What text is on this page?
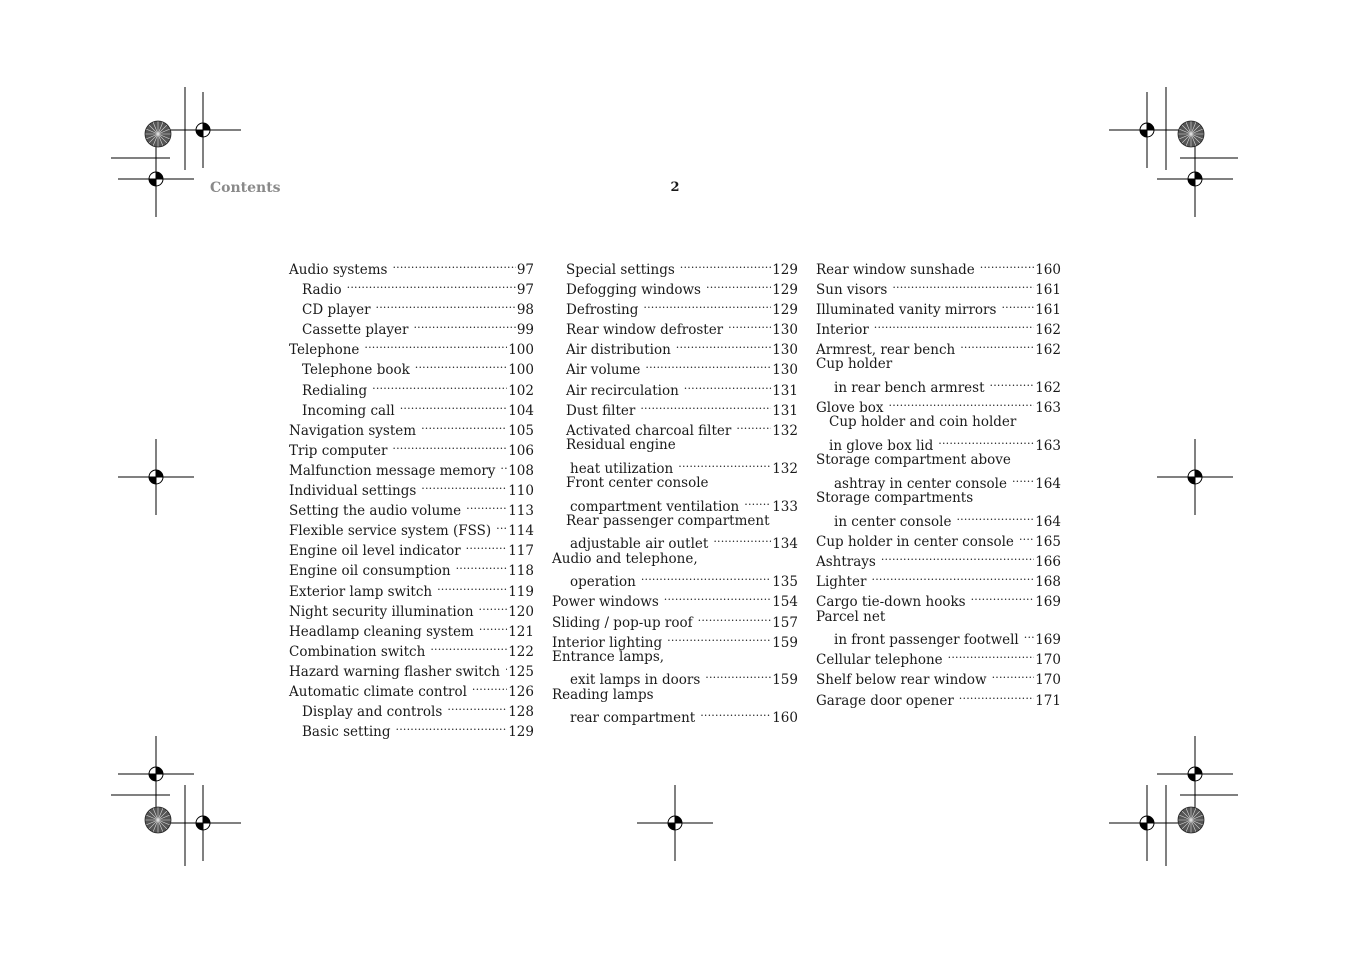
Contents	2
Audio systems .....	97
Radio .....	97
CD player .....	98
Cassette player .....	99
Telephone .....	100
Telephone book .....	100
Redialing .....	102
Incoming call .....	104
Navigation system .....	105
Trip computer .....	106
Malfunction message memory ..... 108
Individual settings .....	110
Setting the audio volume .....	113
Flexible service system (FSS) ..... 114
Engine oil level indicator .....	117
Engine oil consumption .....	118
Exterior lamp switch .....	119
Night security illumination .....	120
Headlamp cleaning system .....	121
Combination switch .....	122
Hazard warning flasher switch ..... 125
Automatic climate control .....	126
Display and controls .....	128
Basic setting .....	129
Special settings .....	129
Defogging windows .....	129
Defrosting .....	129
Rear window defroster .....	130
Air distribution .....	130
Air volume .....	130
Air recirculation .....	131
Dust filter .....	131
Activated charcoal filter .....	132
Residual engine
heat utilization .....	132
Front center console
compartment ventilation ..... 133
Rear passenger compartment
adjustable air outlet .....	134
Audio and telephone,
operation .....	135
Power windows .....	154
Sliding / pop-up roof .....	157
Interior lighting .....	159
Entrance lamps,
exit lamps in doors .....	159
Reading lamps
rear compartment .....	160
Rear window sunshade .....	160
Sun visors .....	161
Illuminated vanity mirrors .....	161
Interior .....	162
Armrest, rear bench .....	162
Cup holder
in rear bench armrest .....	162
Glove box .....	163
Cup holder and coin holder
in glove box lid .....	163
Storage compartment above
ashtray in center console ..... 164
Storage compartments
in center console .....	164
Cup holder in center console ..... 165
Ashtrays .....	166
Lighter .....	168
Cargo tie-down hooks .....	169
Parcel net
in front passenger footwell ..... 169
Cellular telephone .....	170
Shelf below rear window .....	170
Garage door opener .....	171
